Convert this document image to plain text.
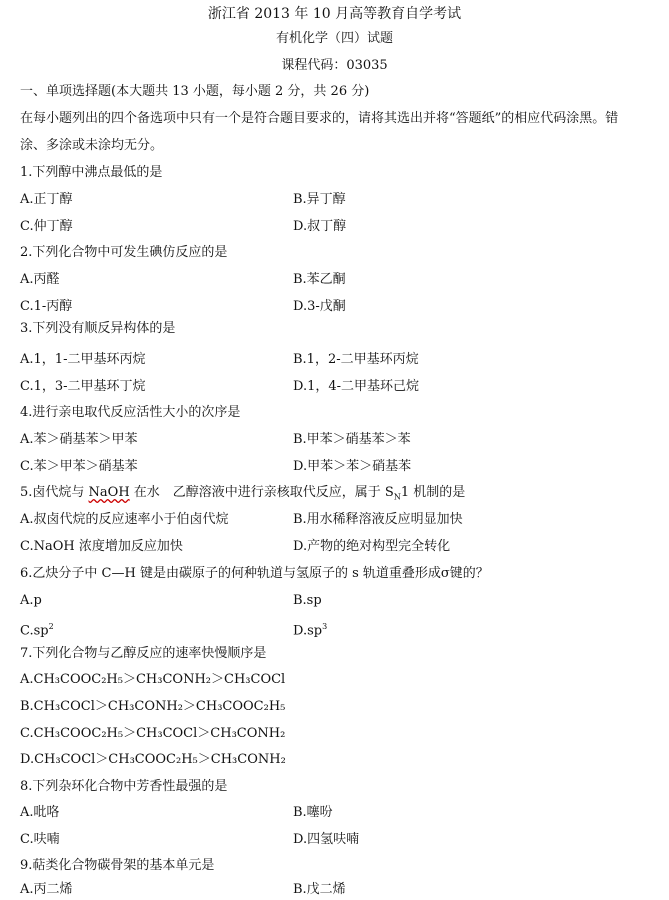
浙江省 2013 年 10 月高等教育自学考试
有机化学（四）试题
课程代码：03035
一、单项选择题(本大题共 13 小题，每小题 2 分，共 26 分)
在每小题列出的四个备选项中只有一个是符合题目要求的，请将其选出并将“答题纸”的相应代码涂黑。错
涂、多涂或未涂均无分。
1.下列醇中沸点最低的是
A.正丁醇	B.异丁醇
C.仲丁醇	D.叔丁醇
2.下列化合物中可发生碘仿反应的是
A.丙醛	B.苯乙酮
C.1-丙醇	D.3-戊酮
3.下列没有顺反异构体的是
A.1，1-二甲基环丙烷	B.1，2-二甲基环丙烷
C.1，3-二甲基环丁烷	D.1，4-二甲基环己烷
4.进行亲电取代反应活性大小的次序是
A.苯＞硝基苯＞甲苯	B.甲苯＞硝基苯＞苯
C.苯＞甲苯＞硝基苯	D.甲苯＞苯＞硝基苯
5.卤代烷与 NaOH 在水　乙醇溶液中进行亲核取代反应，属于 $S_N1$ 机制的是
A.叔卤代烷的反应速率小于伯卤代烷	B.用水稀释溶液反应明显加快
C.NaOH 浓度增加反应加快	D.产物的绝对构型完全转化
6.乙炔分子中 C—H 键是由碳原子的何种轨道与氢原子的 s 轨道重叠形成σ键的？
A.p	B.sp
$C.sp^2$	$D.sp^3$
7.下列化合物与乙醇反应的速率快慢顺序是
A.CH₃COOC₂H₅＞CH₃CONH₂＞CH₃COCl
B.CH₃COCl＞CH₃CONH₂＞CH₃COOC₂H₅
C.CH₃COOC₂H₅＞CH₃COCl＞CH₃CONH₂
D.CH₃COCl＞CH₃COOC₂H₅＞CH₃CONH₂
8.下列杂环化合物中芳香性最强的是
A.吡咯	B.噻吩
C.呋喃	D.四氢呋喃
9.萜类化合物碳骨架的基本单元是
A.丙二烯	B.戊二烯
